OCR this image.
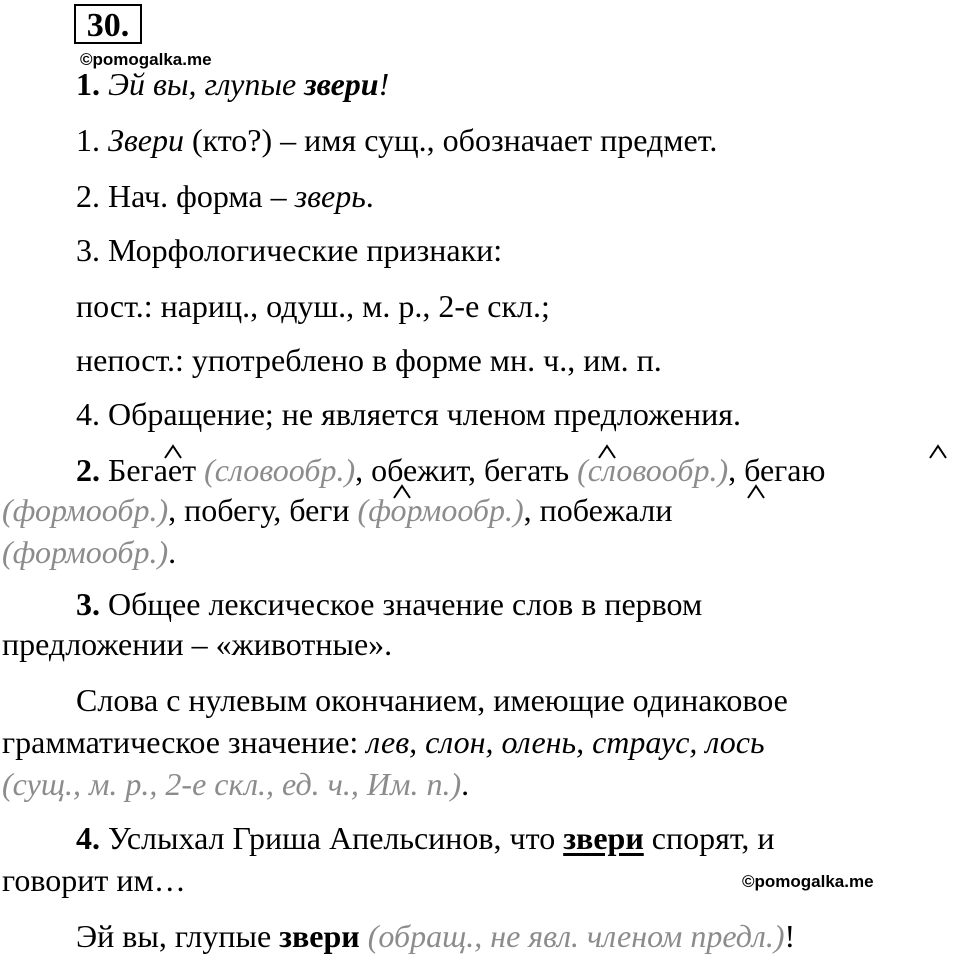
30.
©pomogalka.me
1. Эй вы, глупые звери!
1. Звери (кто?) – имя сущ., обозначает предмет.
2. Нач. форма – зверь.
3. Морфологические признаки:
пост.: нариц., одуш., м. р., 2-е скл.;
непост.: употреблено в форме мн. ч., им. п.
4. Обращение; не является членом предложения.
2. Бегает (словообр.), обежит, бегать (словообр.), бегаю
(формообр.), побегу, беги (формообр.), побежали
(формообр.).
3. Общее лексическое значение слов в первом
предложении – «животные».
Слова с нулевым окончанием, имеющие одинаковое
грамматическое значение: лев, слон, олень, страус, лось
(сущ., м. р., 2-е скл., ед. ч., Им. п.).
4. Услыхал Гриша Апельсинов, что звери спорят, и
говорит им…	©pomogalka.me
Эй вы, глупые звери (обращ., не явл. членом предл.)!
